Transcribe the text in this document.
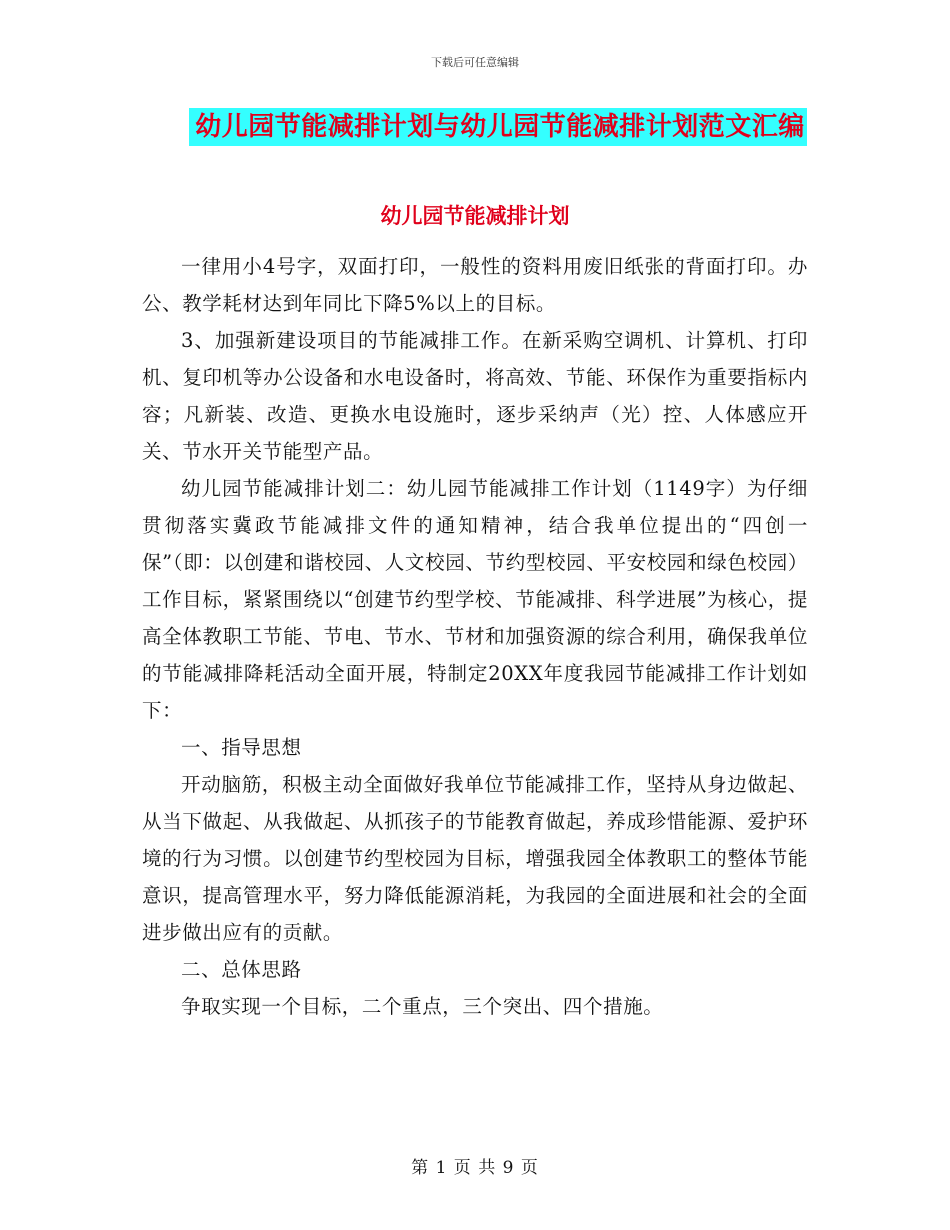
下载后可任意编辑
幼儿园节能减排计划与幼儿园节能减排计划范文汇编
幼儿园节能减排计划

一律用小4号字，双面打印，一般性的资料用废旧纸张的背面打印。办公、教学耗材达到年同比下降5%以上的目标。

3、加强新建设项目的节能减排工作。在新采购空调机、计算机、打印机、复印机等办公设备和水电设备时，将高效、节能、环保作为重要指标内容；凡新装、改造、更换水电设施时，逐步采纳声（光）控、人体感应开关、节水开关节能型产品。

幼儿园节能减排计划二：幼儿园节能减排工作计划（1149字）为仔细贯彻落实冀政节能减排文件的通知精神，结合我单位提出的“四创一保”（即：以创建和谐校园、人文校园、节约型校园、平安校园和绿色校园）工作目标，紧紧围绕以“创建节约型学校、节能减排、科学进展”为核心，提高全体教职工节能、节电、节水、节材和加强资源的综合利用，确保我单位的节能减排降耗活动全面开展，特制定20XX年度我园节能减排工作计划如下：

一、指导思想

开动脑筋，积极主动全面做好我单位节能减排工作，坚持从身边做起、从当下做起、从我做起、从抓孩子的节能教育做起，养成珍惜能源、爱护环境的行为习惯。以创建节约型校园为目标，增强我园全体教职工的整体节能意识，提高管理水平，努力降低能源消耗，为我园的全面进展和社会的全面进步做出应有的贡献。

二、总体思路

争取实现一个目标，二个重点，三个突出、四个措施。

第 1 页 共 9 页
